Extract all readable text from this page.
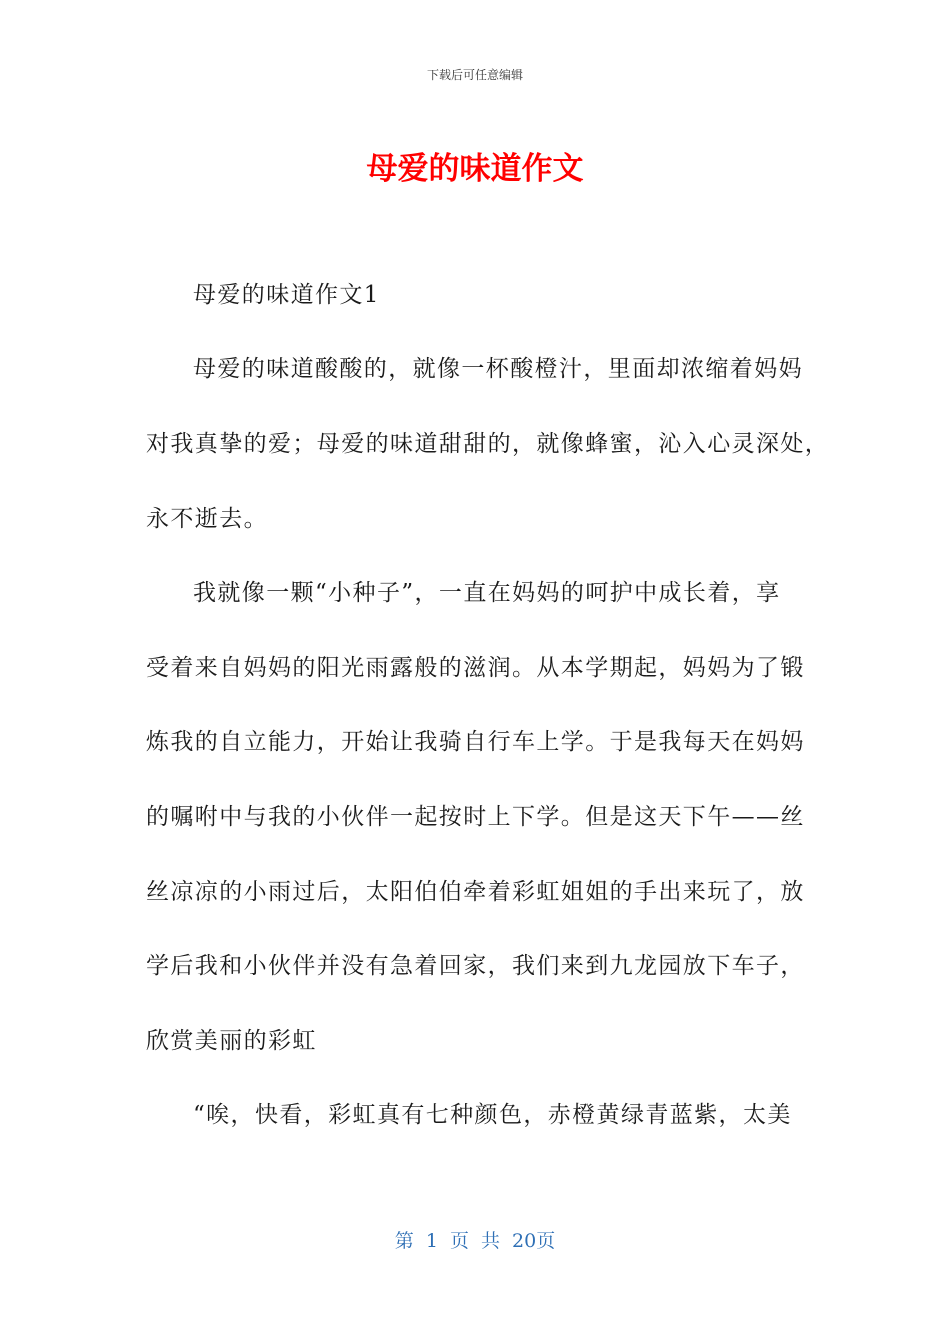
下载后可任意编辑
母爱的味道作文
母爱的味道作文1
母爱的味道酸酸的，就像一杯酸橙汁，里面却浓缩着妈妈
对我真挚的爱；母爱的味道甜甜的，就像蜂蜜，沁入心灵深处，
永不逝去。
我就像一颗“小种子”，一直在妈妈的呵护中成长着，享
受着来自妈妈的阳光雨露般的滋润。从本学期起，妈妈为了锻
炼我的自立能力，开始让我骑自行车上学。于是我每天在妈妈
的嘱咐中与我的小伙伴一起按时上下学。但是这天下午——丝
丝凉凉的小雨过后，太阳伯伯牵着彩虹姐姐的手出来玩了，放
学后我和小伙伴并没有急着回家，我们来到九龙园放下车子，
欣赏美丽的彩虹
“唉，快看，彩虹真有七种颜色，赤橙黄绿青蓝紫，太美
第 1 页 共 20页
